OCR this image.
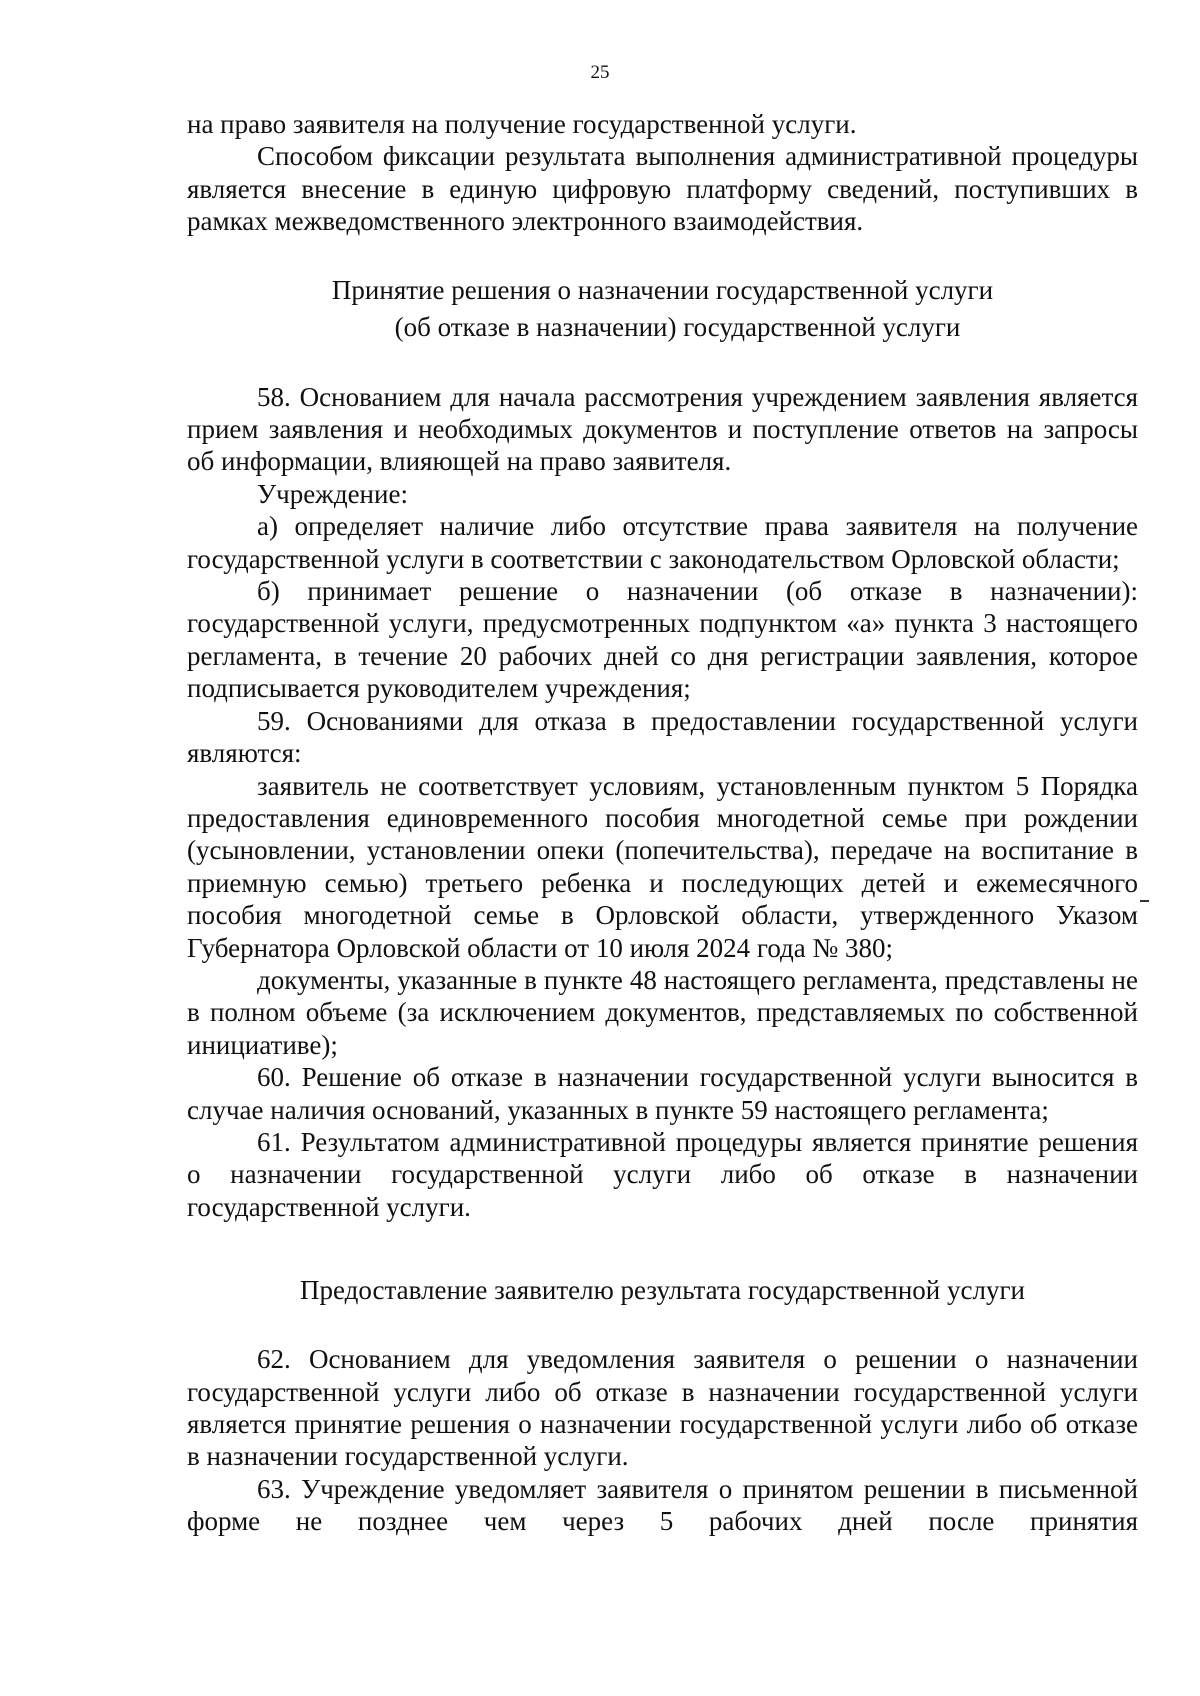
25

на право заявителя на получение государственной услуги.

Способом фиксации результата выполнения административной процедуры является внесение в единую цифровую платформу сведений, поступивших в рамках межведомственного электронного взаимодействия.

Принятие решения о назначении государственной услуги
(об отказе в назначении) государственной услуги

58. Основанием для начала рассмотрения учреждением заявления является прием заявления и необходимых документов и поступление ответов на запросы об информации, влияющей на право заявителя.

Учреждение:

а) определяет наличие либо отсутствие права заявителя на получение государственной услуги в соответствии с законодательством Орловской области;

б) принимает решение о назначении (об отказе в назначении): государственной услуги, предусмотренных подпунктом «а» пункта 3 настоящего регламента, в течение 20 рабочих дней со дня регистрации заявления, которое подписывается руководителем учреждения;

59. Основаниями для отказа в предоставлении государственной услуги являются:

заявитель не соответствует условиям, установленным пунктом 5 Порядка предоставления единовременного пособия многодетной семье при рождении (усыновлении, установлении опеки (попечительства), передаче на воспитание в приемную семью) третьего ребенка и последующих детей и ежемесячного пособия многодетной семье в Орловской области, утвержденного Указом Губернатора Орловской области от 10 июля 2024 года № 380;

документы, указанные в пункте 48 настоящего регламента, представлены не в полном объеме (за исключением документов, представляемых по собственной инициативе);

60. Решение об отказе в назначении государственной услуги выносится в случае наличия оснований, указанных в пункте 59 настоящего регламента;

61. Результатом административной процедуры является принятие решения о назначении государственной услуги либо об отказе в назначении государственной услуги.

Предоставление заявителю результата государственной услуги

62. Основанием для уведомления заявителя о решении о назначении государственной услуги либо об отказе в назначении государственной услуги является принятие решения о назначении государственной услуги либо об отказе в назначении государственной услуги.

63. Учреждение уведомляет заявителя о принятом решении в письменной форме не позднее чем через 5 рабочих дней после принятия
